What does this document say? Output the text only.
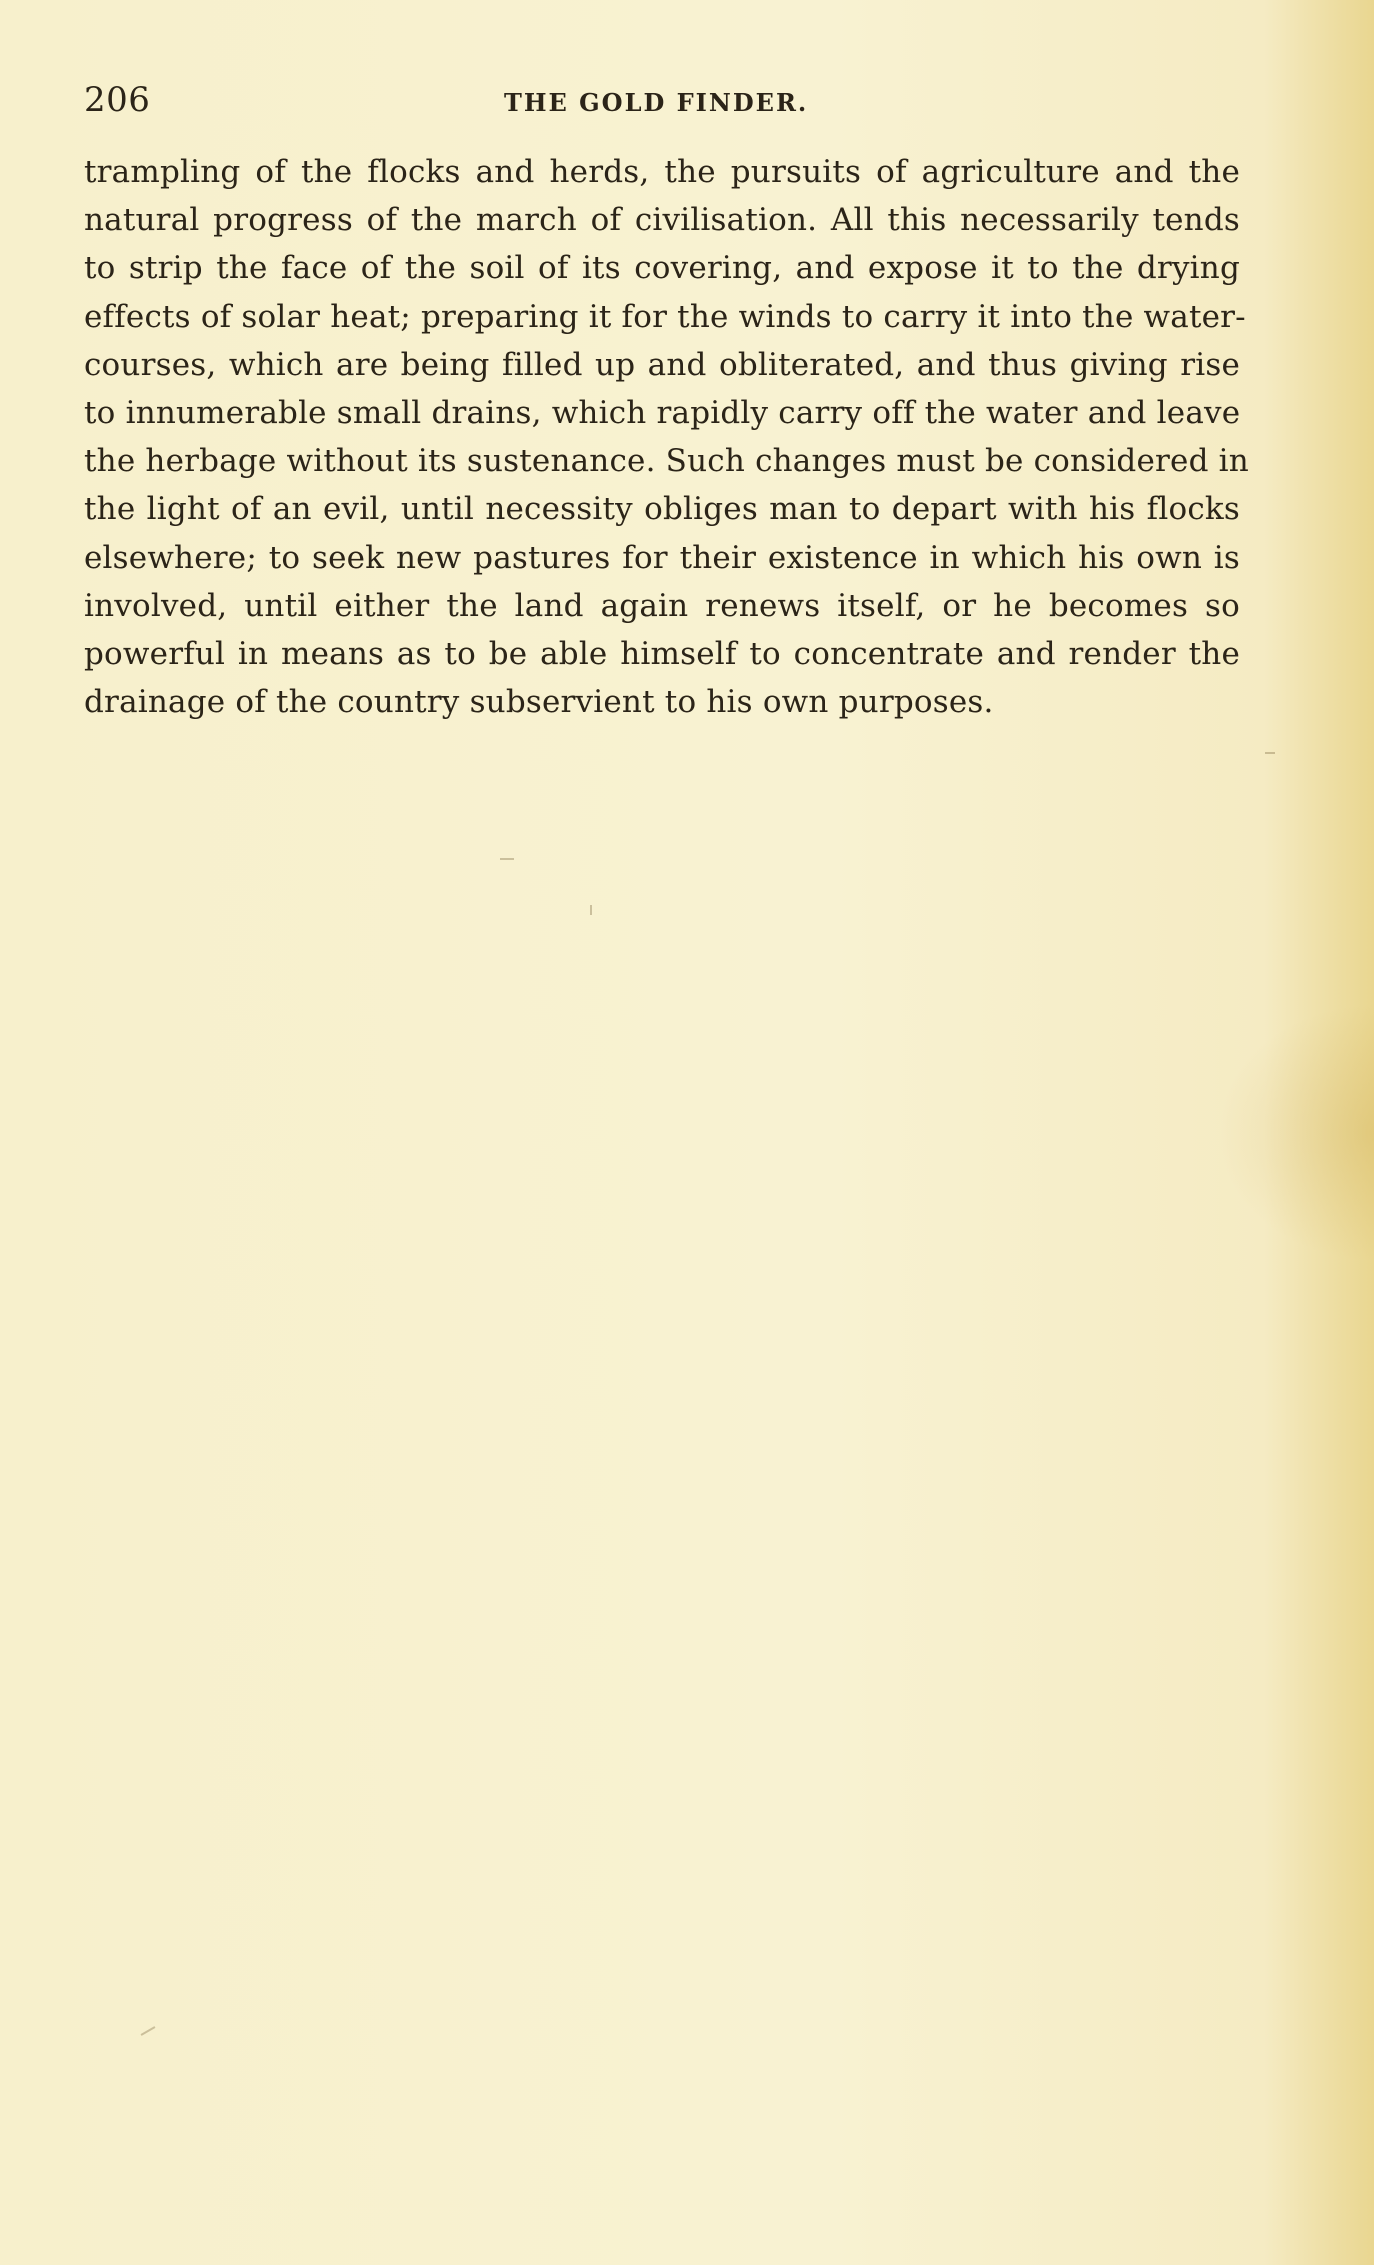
206	THE GOLD FINDER.
trampling of the flocks and herds, the pursuits of agriculture and the
natural progress of the march of civilisation. All this necessarily tends
to strip the face of the soil of its covering, and expose it to the drying
effects of solar heat; preparing it for the winds to carry it into the water-
courses, which are being filled up and obliterated, and thus giving rise
to innumerable small drains, which rapidly carry off the water and leave
the herbage without its sustenance. Such changes must be considered in
the light of an evil, until necessity obliges man to depart with his flocks
elsewhere; to seek new pastures for their existence in which his own is
involved, until either the land again renews itself, or he becomes so
powerful in means as to be able himself to concentrate and render the
drainage of the country subservient to his own purposes.
